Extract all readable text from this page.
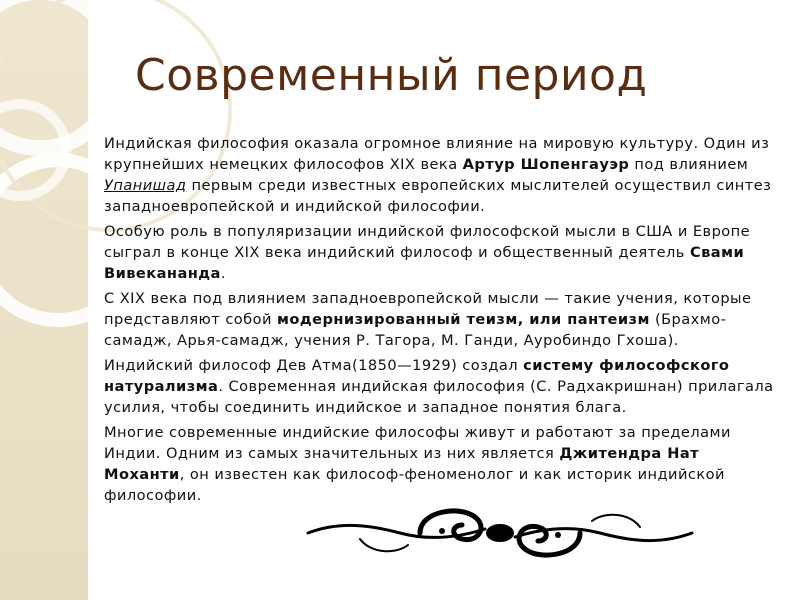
Современный период

Индийская философия оказала огромное влияние на мировую культуру. Один из крупнейших немецких философов XIX века Артур Шопенгауэр под влиянием Упанишад первым среди известных европейских мыслителей осуществил синтез западноевропейской и индийской философии.

Особую роль в популяризации индийской философской мысли в США и Европе сыграл в конце XIX века индийский философ и общественный деятель Свами Вивекананда.

С XIX века под влиянием западноевропейской мысли — такие учения, которые представляют собой модернизированный теизм, или пантеизм (Брахмо-самадж, Арья-самадж, учения Р. Тагора, М. Ганди, Ауробиндо Гхоша).

Индийский философ Дев Атма(1850—1929) создал систему философского натурализма. Современная индийская философия (С. Радхакришнан) прилагала усилия, чтобы соединить индийское и западное понятия блага.

Многие современные индийские философы живут и работают за пределами Индии. Одним из самых значительных из них является Джитендра Нат Моханти, он известен как философ-феноменолог и как историк индийской философии.
